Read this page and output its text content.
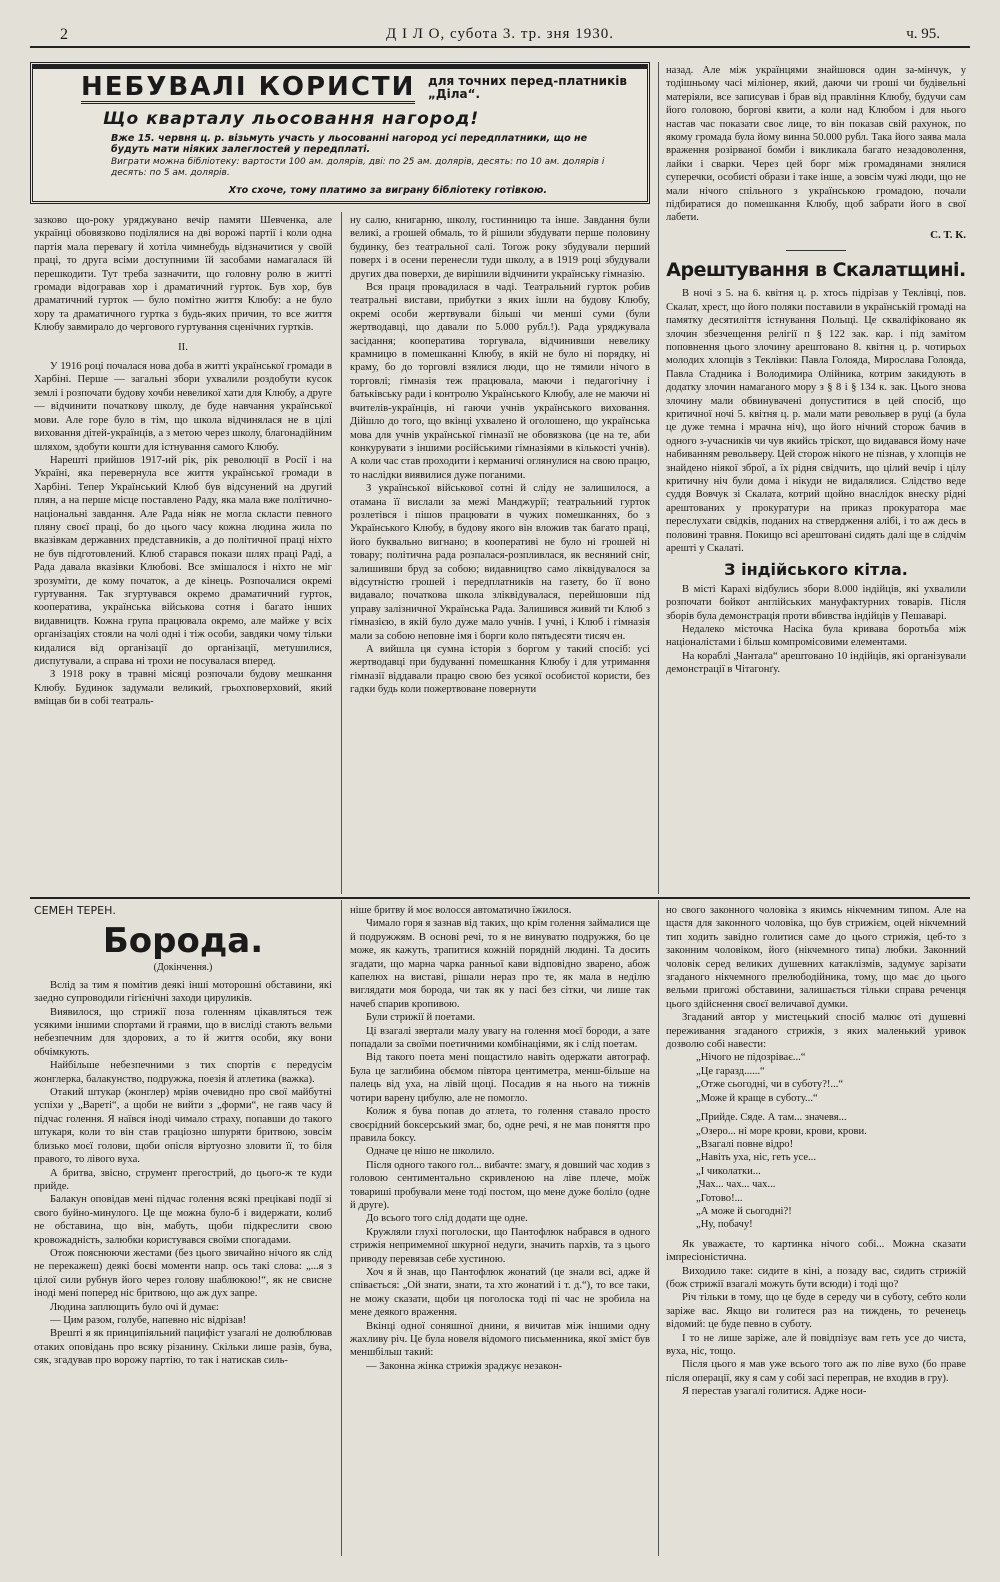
2	Д І Л О, субота 3. тр. зня 1930.	ч. 95.
НЕБУВАЛІ КОРИСТИ для точних перед-платників „Діла“.
Що кварталу льосовання нагород!
Вже 15. червня ц. р. візьмуть участь у льосованні нагород усі передплатники, що не будуть мати ніяких залеглостей у передплаті.
Виграти можна бібліотеку: вартости 100 ам. долярів, дві: по 25 ам. долярів, десять: по 10 ам. долярів і десять: по 5 ам. долярів.
Хто схоче, тому платимо за виграну бібліотеку готівкою.

зазково що-року уряджувано вечір памяти Шевченка, але українці обовязково поділялися на дві ворожі партії і коли одна партія мала перевагу й хотіла чимнебудь відзначитися у своїй праці, то друга всіми доступними їй засобами намагалася їй перешкодити. Тут треба зазначити, що головну ролю в житті громади відогравав хор і драматичний гурток. Був хор, був драматичний гурток — було помітно життя Клюбу: а не було хору та драматичного гуртка з будь-яких причин, то все життя Клюбу завмирало до чергового гуртування сценічних гуртків.

II.

У 1916 році почалася нова доба в житті української громади в Харбіні. Перше — загальні збори ухвалили роздобути кусок землі і розпочати будову хочби невеликої хати для Клюбу, а друге — відчинити початкову школу, де буде навчання української мови. Але горе було в тім, що школа відчинялася не в цілі виховання дітей-українців, а з метою через школу, благонадійним шляхом, здобути кошти для істнування самого Клюбу.

Нарешті прийшов 1917-ий рік, рік революції в Росії і на Україні, яка перевернула все життя української громади в Харбіні. Тепер Український Клюб був відсунений на другий плян, а на перше місце поставлено Раду, яка мала вже політично-національні завдання. Але Рада ніяк не могла скласти певного пляну своєї праці, бо до цього часу кожна людина жила по вказівкам державних представників, а до політичної праці ніхто не був підготовлений. Клюб старався покази шлях праці Раді, а Рада давала вказівки Клюбові. Все змішалося і ніхто не міг зрозуміти, де кому початок, а де кінець. Розпочалися окремі гуртування. Так згуртувався окремо драматичний гурток, кооператива, українська військова сотня і багато інших видавництв. Кожна група працювала окремо, але майже у всіх організаціях стояли на чолі одні і тіж особи, завдяки чому тільки кидалися від організації до організації, метушилися, диспутували, а справа ні трохи не посувалася вперед.

З 1918 року в травні місяці розпочали будову мешкання Клюбу. Будинок задумали великий, грьохповерховий, який вміщав би в собі театраль-

ну салю, книгарню, школу, гостинницю та інше. Завдання були великі, а грошей обмаль, то й рішили збудувати перше половину будинку, без театральної салі. Тогож року збудували перший поверх і в осени перенесли туди школу, а в 1919 році збудували других два поверхи, де вирішили відчинити українську гімназію.

Вся праця провадилася в чаді. Театральний гурток робив театральні вистави, прибутки з яких ішли на будову Клюбу, окремі особи жертвували більші чи менші суми (були жертводавці, що давали по 5.000 рубл.!). Рада уряджувала засідання; кооператива торгувала, відчинивши невелику крамницю в помешканні Клюбу, в якій не було ні порядку, ні краму, бо до торговлі взялися люди, що не тямили нічого в торговлі; гімназія теж працювала, маючи і педагогічну і батьківську ради і контролю Українського Клюбу, але не маючи ні вчителів-українців, ні гаючи учнів українського виховання. Дійшло до того, що вкінці ухвалено й оголошено, що українська мова для учнів української гімназії не обовязкова (це на те, аби конкурувати з іншими російськими гімназіями в кількості учнів). А коли час став проходити і керманичі оглянулися на свою працю, то наслідки виявилися дуже поганими.

З української військової сотні й сліду не залишилося, а отамана її вислали за межі Манджурії; театральний гурток розлетівся і пішов працювати в чужих помешканнях, бо з Українського Клюбу, в будову якого він вложив так багато праці, його буквально вигнано; в кооперативі не було ні грошей ні товару; політична рада розпалася-розпливлася, як весняний сніг, залишивши бруд за собою; видавництво само ліквідувалося за відсутністю грошей і передплатників на газету, бо її воно видавало; початкова школа зліквідувалася, перейшовши під управу залізничної Українська Рада. Залишився живий ти Клюб з гімназією, в якій було дуже мало учнів. І учні, і Клюб і гімназія мали за собою неповне імя і борги коло пятьдесяти тисяч ен.

А вийшла ця сумна історія з боргом у такий спосіб: усі жертводавці при будуванні помешкання Клюбу і для утримання гімназії віддавали працю свою без усякої особистої користи, без гадки будь коли пожертвоване повернути

назад. Але між українцями знайшовся один за-мінчук, у тодішньому часі міліонер, який, даючи чи гроші чи будівельні матеріяли, все записував і брав від правління Клюбу, будучи сам його головою, боргові квити, а коли над Клюбом і для нього настав час показати своє лице, то він показав свій рахунок, по якому громада була йому винна 50.000 рубл. Така його заява мала враження розірваної бомби і викликала багато незадоволення, лайки і сварки. Через цей борг між громадянами знялися суперечки, особисті образи і таке інше, а зовсім чужі люди, що не мали нічого спільного з українською громадою, почали підбиратися до помешкання Клюбу, щоб забрати його в свої лабети.

С. Т. К.
Арештування в Скалатщині.

В ночі з 5. на 6. квітня ц. р. хтось підрізав у Теклівці, пов. Скалат, хрест, що його поляки поставили в українській громаді на памятку десятиліття істнування Польщі. Це скваліфіковано як злочин збезчещення релігії п § 122 зак. кар. і під замітом поповнення цього злочину арештовано 8. квітня ц. р. чотирьох молодих хлопців з Теклівки: Павла Голояда, Мирослава Голояда, Павла Стадника і Володимира Олійника, котрим закидують в додатку злочин намаганого мору з § 8 і § 134 к. зак. Цього знова злочину мали обвинувачені допуститися в цей спосіб, що критичної ночі 5. квітня ц. р. мали мати револьвер в руці (а була це дуже темна і мрачна ніч), що його нічний сторож бачив в одного з-учасників чи чув якийсь тріскот, що видавався йому наче набиванням револьверу. Цей сторож нікого не пізнав, у хлопців не знайдено ніякої зброї, а їх рідня свідчить, що цілий вечір і цілу критичну ніч були дома і нікуди не видалялися. Слідство веде суддя Вовчук зі Скалата, котрий щойно внаслідок внеску рідні арештованих у прокуратури на приказ прокуратора має переслухати свідків, поданих на ствердження алібі, і то аж десь в половині травня. Покищо всі арештовані сидять далі ще в слідчім арешті у Скалаті.

З індійського кітла.

В місті Карахі відбулись збори 8.000 індійців, які ухвалили розпочати бойкот англійських мануфактурних товарів. Після зборів була демонстрація проти вбивства індійців у Пешаварі.

Недалеко місточка Насіка була кривава боротьба між націоналістами і більш компромісовими елементами.

На кораблі „Чантала“ арештовано 10 індійців, які організували демонстрації в Чітагонґу.

СЕМЕН ТЕРЕН.
Борода.
(Докінчення.)

Вслід за тим я помітив деякі інші моторошні обставини, які заедно супроводили гігієнічні заходи цируликів.

Виявилося, що стрижії поза голенням цікавляться теж усякими іншими спортами й граями, що в висліді стають вельми небезпечним для здорових, а то й життя особи, яку вони обчімкують.

Найбільше небезпечними з тих спортів є передусім жонглерка, балакунство, подружжа, поезія й атлетика (важка).

Отакий штукар (жонглер) мріяв очевидно про свої майбутні успіхи у „Вареті“, а щоби не вийти з „форми“, не гаяв часу й підчас голення. Я наївся іноді чимало страху, попавши до такого штукаря, коли то він став граціозно шпуряти бритвою, зовсім близько моєї голови, щоби опісля віртуозно зловити її, то біля правого, то лівого вуха.

А бритва, звісно, струмент прегострий, до цього-ж те куди прийде.

Балакун оповідав мені підчас голення всякі прецікаві події зі свого буйно-минулого. Це ще можна було-б і видержати, колиб не обставина, що він, мабуть, щоби підкреслити свою кровожадність, залюбки користувався своїми спогадами.

Отож пояснюючи жестами (без цього звичайно нічого як слід не перекажеш) деякі боєві моменти напр. ось такі слова: „...я з цілої сили рубнув його через голову шаблюкою!“, як не свисне іноді мені поперед ніс бритвою, що аж дух запре.

Людина заплющить було очі й думає:

— Цим разом, голубе, напевно ніс відрізав!

Врешті я як принципіяльний пацифіст узагалі не долюблював отаких оповідань про всяку різанину. Скільки лише разів, бува, сяк, згадував про ворожу партію, то так і натискав силь-

ніше бритву й моє волосся автоматично їжилося.

Чимало горя я зазнав від таких, що крім голення займалися ще й подружжям. В основі речі, то я не винуватю подружжя, бо це може, як кажуть, трапитися кожній порядній людині. Та досить згадати, що марна чарка ранньої кави відповідно зварено, абож капелюх на виставі, рішали нераз про те, як мала в неділю виглядати моя борода, чи так як у пасі без сітки, чи лише так начеб спарив кропивою.

Були стрижії й поетами.

Ці взагалі звертали малу увагу на голення моєї бороди, а зате попадали за своїми поетичними комбінаціями, як і слід поетам.

Від такого поета мені пощастило навіть одержати автограф. Була це заглибина обємом півтора центиметра, менш-більше на палець від уха, на лівій щоці. Посадив я на нього на тижнів чотири варену цибулю, але не помогло.

Колиж я бува попав до атлета, то голення ставало просто своєрідний боксерський змаг, бо, одне речі, я не мав поняття про правила боксу.

Одначе це нішо не школило.

Після одного такого гол... вибачте: змагу, я довший час ходив з головою сентиментально скривленою на ліве плече, моїж товариші пробували мене тоді постом, що мене дуже боліло (одне й друге).

До всього того слід додати ще одне.

Кружляли глухі поголоски, що Пантофлюк набрався в одного стрижія непримемної шкурної недуги, значить пархів, та з цього приводу перевязав себе хустиною.

Хоч я й знав, що Пантофлюк жонатий (це знали всі, адже й співається: „Ой знати, знати, та хто жонатий і т. д.“), то все таки, не можу сказати, щоби ця поголоска тоді пі час не зробила на мене деякого враження.

Вкінці одної соняшної днини, я вичитав між іншими одну жахливу річ. Це була новеля відомого письменника, якої зміст був меншбільш такий:

— Законна жінка стрижія зраджує незакон-

но свого законного чоловіка з якимсь нікчемним типом. Але на щастя для законного чоловіка, що був стрижієм, оцей нікчемний тип ходить завідно голитися саме до цього стрижія, цеб-то з законним чоловіком, його (нікчемного типа) любки. Законний чоловік серед великих душевних катаклізмів, задумує зарізати згаданого нікчемного прелюбодійника, тому, що має до цього вельми пригожі обставини, залишається тільки справа реченця цього здійснення своєї величавої думки.

Згаданий автор у мистецький спосіб малює оті душевні переживання згаданого стрижія, з яких маленький уривок дозволю собі навести:

„Нічого не підозріває...“

„Це гаразд......“

„Отже сьогодні, чи в суботу?!...“

„Може й краще в суботу...“

„Прийде. Сяде. А там... значевя...

„Озеро... ні море крови, крови, крови.

„Взагалі повне відро!

„Навіть уха, ніс, геть усе...

„І чиколатки...

„Чах... чах... чах...

„Готово!...

„А може й сьогодні?!

„Ну, побачу!

Як уважаєте, то картинка нічого собі... Можна сказати імпресіоністична.

Виходило таке: сидите в кіні, а позаду вас, сидить стрижій (бож стрижії взагалі можуть бути всюди) і тоді що?

Річ тільки в тому, що це буде в середу чи в суботу, себто коли заріже вас. Якщо ви голитеся раз на тиждень, то реченець відомий: це буде певно в суботу.

І то не лише заріже, але й повідпізує вам геть усе до чиста, вуха, ніс, тощо.

Після цього я мав уже всього того аж по ліве вухо (бо праве після операції, яку я сам у собі засі переправ, не входив в гру).

Я перестав узагалі голитися. Адже носи-
